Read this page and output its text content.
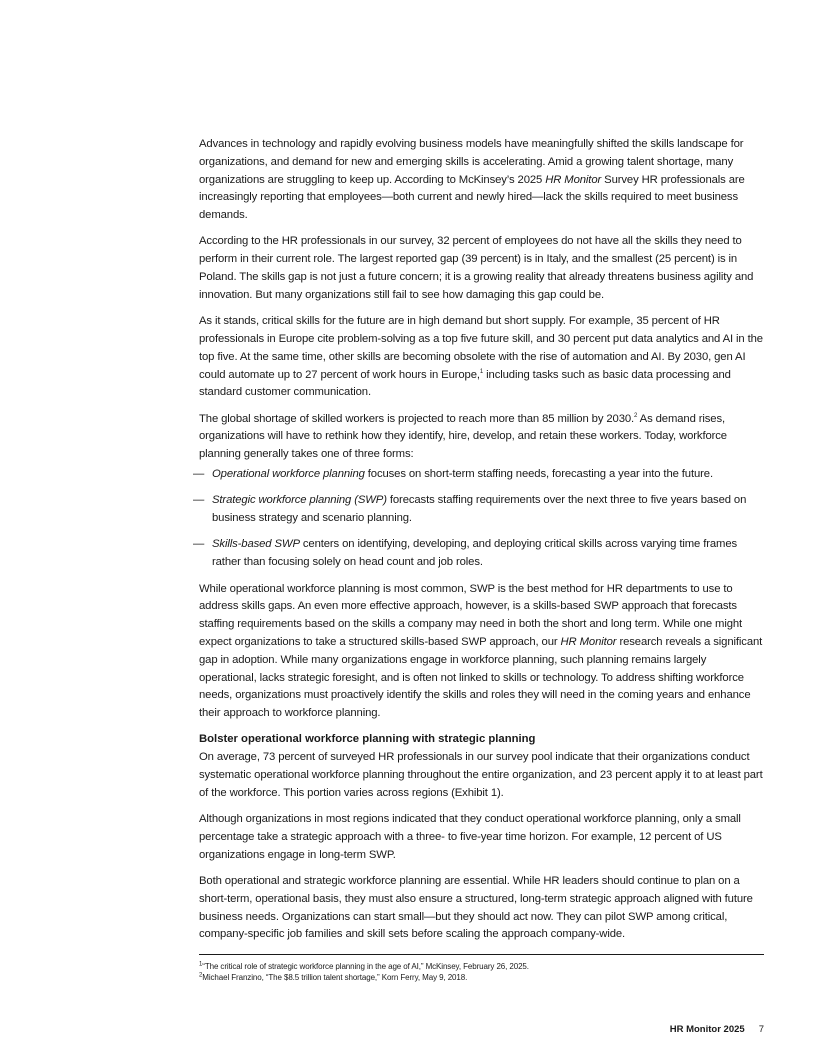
Advances in technology and rapidly evolving business models have meaningfully shifted the skills landscape for organizations, and demand for new and emerging skills is accelerating. Amid a growing talent shortage, many organizations are struggling to keep up. According to McKinsey’s 2025 HR Monitor Survey HR professionals are increasingly reporting that employees—both current and newly hired—lack the skills required to meet business demands.

According to the HR professionals in our survey, 32 percent of employees do not have all the skills they need to perform in their current role. The largest reported gap (39 percent) is in Italy, and the smallest (25 percent) is in Poland. The skills gap is not just a future concern; it is a growing reality that already threatens business agility and innovation. But many organizations still fail to see how damaging this gap could be.

As it stands, critical skills for the future are in high demand but short supply. For example, 35 percent of HR professionals in Europe cite problem-solving as a top five future skill, and 30 percent put data analytics and AI in the top five. At the same time, other skills are becoming obsolete with the rise of automation and AI. By 2030, gen AI could automate up to 27 percent of work hours in Europe,$^1$ including tasks such as basic data processing and standard customer communication.

The global shortage of skilled workers is projected to reach more than 85 million by 2030.$^2$ As demand rises, organizations will have to rethink how they identify, hire, develop, and retain these workers. Today, workforce planning generally takes one of three forms:

— Operational workforce planning focuses on short-term staffing needs, forecasting a year into the future.

— Strategic workforce planning (SWP) forecasts staffing requirements over the next three to five years based on business strategy and scenario planning.

— Skills-based SWP centers on identifying, developing, and deploying critical skills across varying time frames rather than focusing solely on head count and job roles.

While operational workforce planning is most common, SWP is the best method for HR departments to use to address skills gaps. An even more effective approach, however, is a skills-based SWP approach that forecasts staffing requirements based on the skills a company may need in both the short and long term. While one might expect organizations to take a structured skills-based SWP approach, our HR Monitor research reveals a significant gap in adoption. While many organizations engage in workforce planning, such planning remains largely operational, lacks strategic foresight, and is often not linked to skills or technology. To address shifting workforce needs, organizations must proactively identify the skills and roles they will need in the coming years and enhance their approach to workforce planning.

Bolster operational workforce planning with strategic planning

On average, 73 percent of surveyed HR professionals in our survey pool indicate that their organizations conduct systematic operational workforce planning throughout the entire organization, and 23 percent apply it to at least part of the workforce. This portion varies across regions (Exhibit 1).

Although organizations in most regions indicated that they conduct operational workforce planning, only a small percentage take a strategic approach with a three- to five-year time horizon. For example, 12 percent of US organizations engage in long-term SWP.

Both operational and strategic workforce planning are essential. While HR leaders should continue to plan on a short-term, operational basis, they must also ensure a structured, long-term strategic approach aligned with future business needs. Organizations can start small—but they should act now. They can pilot SWP among critical, company-specific job families and skill sets before scaling the approach company-wide.

$^1$“The critical role of strategic workforce planning in the age of AI,” McKinsey, February 26, 2025.
$^2$Michael Franzino, “The $8.5 trillion talent shortage,” Korn Ferry, May 9, 2018.
HR Monitor 2025 7
